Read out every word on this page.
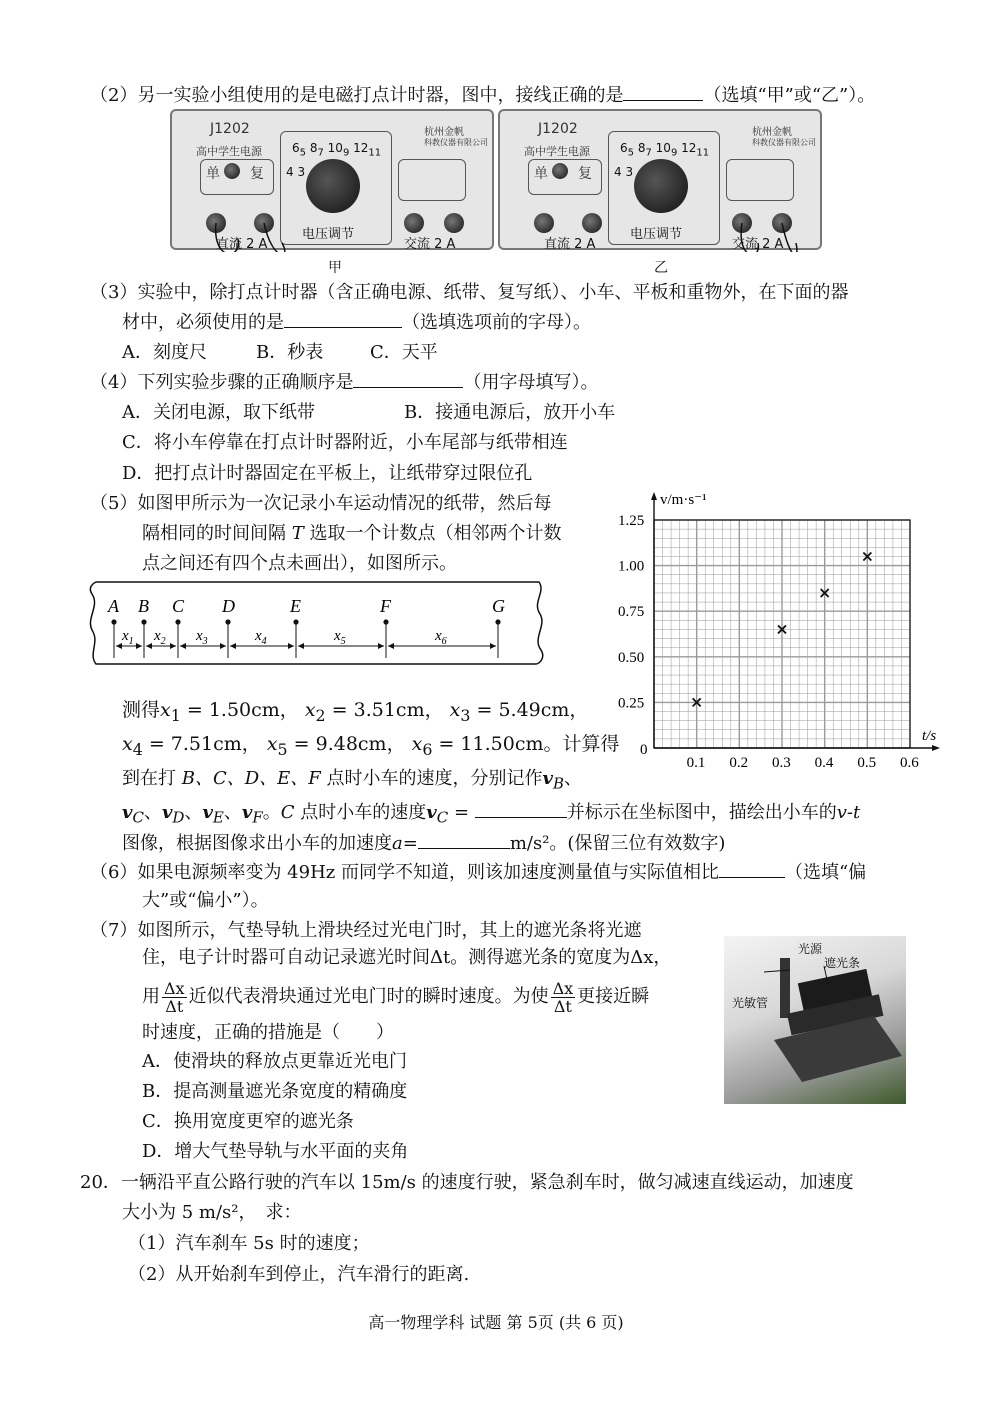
（2）另一实验小组使用的是电磁打点计时器，图中，接线正确的是	（选填“甲”或“乙”）。
J1202
高中学生电源
杭州金帆
科教仪器有限公司
单 复
$6_5$ $8_7$ $10_9$ $12_{11}$
4 3
电压调节
直流 2 A	交流 2 A
甲
J1202
高中学生电源
杭州金帆
科教仪器有限公司
单 复
$6_5$ $8_7$ $10_9$ $12_{11}$
4 3
电压调节
直流 2 A	交流 2 A
乙
（3）实验中，除打点计时器（含正确电源、纸带、复写纸）、小车、平板和重物外，在下面的器
材中，必须使用的是	（选填选项前的字母）。
A．刻度尺	B．秒表	C．天平
（4）下列实验步骤的正确顺序是	（用字母填写）。
A．关闭电源，取下纸带	B．接通电源后，放开小车
C．将小车停靠在打点计时器附近，小车尾部与纸带相连
D．把打点计时器固定在平板上，让纸带穿过限位孔
（5）如图甲所示为一次记录小车运动情况的纸带，然后每
隔相同的时间间隔 T 选取一个计数点（相邻两个计数
点之间还有四个点未画出），如图所示。
A B C D	E	F	G
$x_1$ $x_2$ $x_3$	$x_4$	$x_5$	$x_6$
测得$x_1 = 1.50cm$， $x_2 = 3.51cm$， $x_3 = 5.49cm$，
$x_4 = 7.51cm$， $x_5 = 9.48cm$， $x_6 = 11.50cm$。计算得
到在打 B、C、D、E、F 点时小车的速度，分别记作$v_B$、
$v_C$、$v_D$、$v_E$、$v_F$。C 点时小车的速度$v_C$ =	并标示在坐标图中，描绘出小车的v-t
图像，根据图像求出小车的加速度a=	m/s²。(保留三位有效数字)
0.1 0.2 0.3 0.4 0.5 0.6
0.25
0.50
0.75
1.00
1.25
0
t/s
v/m·s⁻¹
（6）如果电源频率变为 49Hz 而同学不知道，则该加速度测量值与实际值相比	（选填“偏
大”或“偏小”）。
（7）如图所示，气垫导轨上滑块经过光电门时，其上的遮光条将光遮
住，电子计时器可自动记录遮光时间Δt。测得遮光条的宽度为Δx，
用 $\frac{\Delta x}{\Delta t}$ 近似代表滑块通过光电门时的瞬时速度。为使 $\frac{\Delta x}{\Delta t}$ 更接近瞬
时速度，正确的措施是（　　）
A．使滑块的释放点更靠近光电门
B．提高测量遮光条宽度的精确度
C．换用宽度更窄的遮光条
D．增大气垫导轨与水平面的夹角
光源
遮光条
光敏管
20．一辆沿平直公路行驶的汽车以 15m/s 的速度行驶，紧急刹车时，做匀减速直线运动，加速度
大小为 5 m/s²，　求：
（1）汽车刹车 5s 时的速度；
（2）从开始刹车到停止，汽车滑行的距离.
高一物理学科 试题 第 5页 (共 6 页)
